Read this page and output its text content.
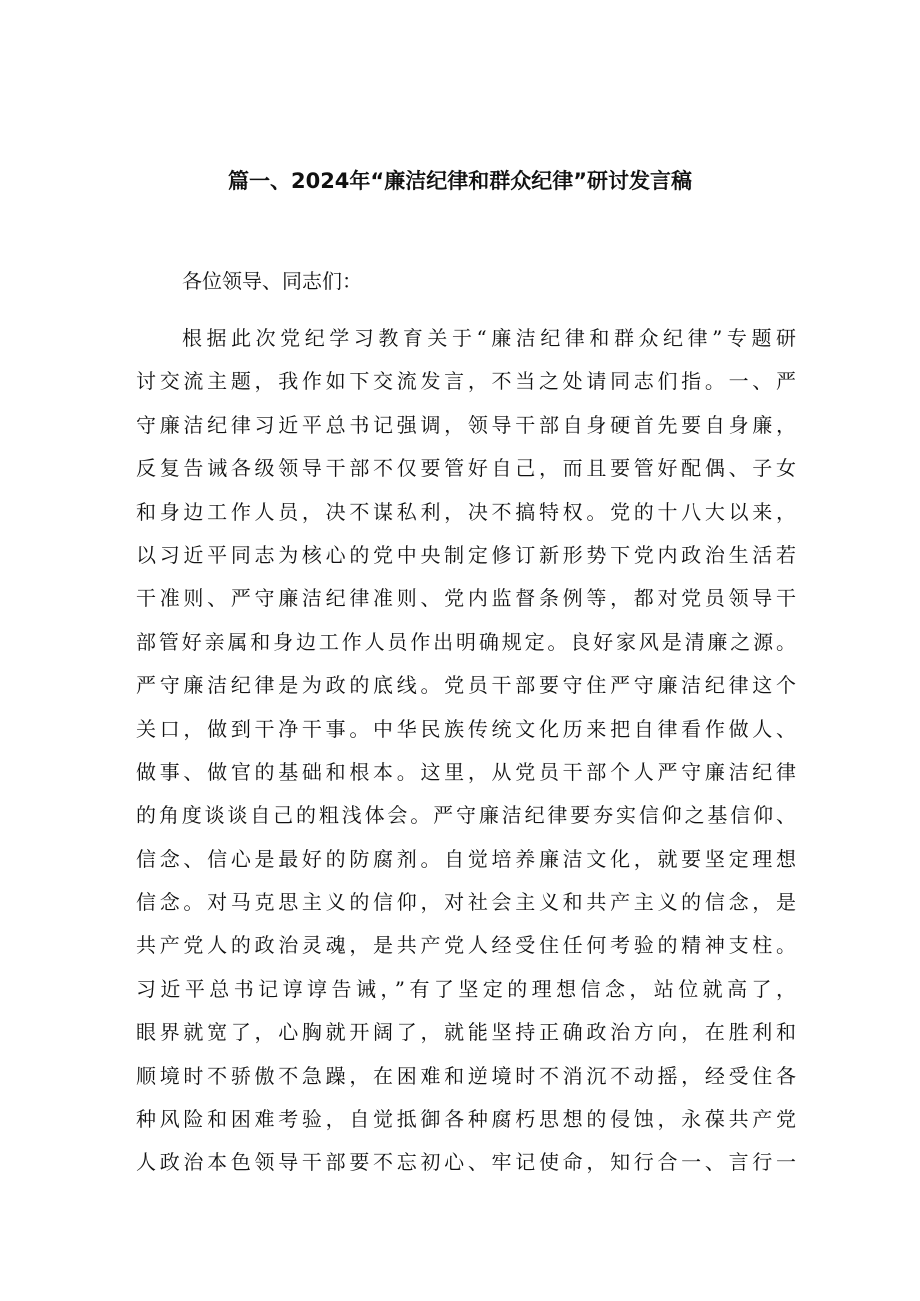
篇一、2024年“廉洁纪律和群众纪律”研讨发言稿
各位领导、同志们：
根据此次党纪学习教育关于“廉洁纪律和群众纪律”专题研
讨交流主题，我作如下交流发言，不当之处请同志们指。一、严
守廉洁纪律习近平总书记强调，领导干部自身硬首先要自身廉，
反复告诫各级领导干部不仅要管好自己，而且要管好配偶、子女
和身边工作人员，决不谋私利，决不搞特权。党的十八大以来，
以习近平同志为核心的党中央制定修订新形势下党内政治生活若
干准则、严守廉洁纪律准则、党内监督条例等，都对党员领导干
部管好亲属和身边工作人员作出明确规定。良好家风是清廉之源。
严守廉洁纪律是为政的底线。党员干部要守住严守廉洁纪律这个
关口，做到干净干事。中华民族传统文化历来把自律看作做人、
做事、做官的基础和根本。这里，从党员干部个人严守廉洁纪律
的角度谈谈自己的粗浅体会。严守廉洁纪律要夯实信仰之基信仰、
信念、信心是最好的防腐剂。自觉培养廉洁文化，就要坚定理想
信念。对马克思主义的信仰，对社会主义和共产主义的信念，是
共产党人的政治灵魂，是共产党人经受住任何考验的精神支柱。
习近平总书记谆谆告诫，”有了坚定的理想信念，站位就高了，
眼界就宽了，心胸就开阔了，就能坚持正确政治方向，在胜利和
顺境时不骄傲不急躁，在困难和逆境时不消沉不动摇，经受住各
种风险和困难考验，自觉抵御各种腐朽思想的侵蚀，永葆共产党
人政治本色领导干部要不忘初心、牢记使命，知行合一、言行一
